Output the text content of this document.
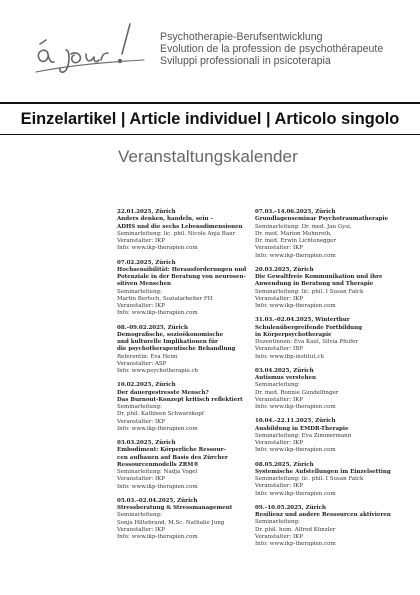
Psychotherapie-Berufsentwicklung
Evolution de la profession de psychothérapeute
Sviluppi professionali in psicoterapia
Einzelartikel | Article individuel | Articolo singolo
Veranstaltungskalender
22.01.2025, Zürich
Anders denken, handeln, sein –
ADHS und die sechs Lebensdimensionen
Seminarleitung: lic. phil. Nicole Anja Baur
Veranstalter: IKP
Info: www.ikp-therapien.com
07.02.2025, Zürich
Hochsensibilität: Herausforderungen und
Potenziale in der Beratung von neurosen-
sitiven Menschen
Seminarleitung:
Martin Bertsch, Sozialarbeiter FH
Veranstalter: IKP
Info: www.ikp-therapien.com
08.–09.02.2025, Zürich
Demografische, sozioökonomische
und kulturelle Implikationen für
die psychotherapeutische Behandlung
Referentin: Eva Heim
Veranstalter: ASP
Info: www.psychotherapie.ch
10.02.2025, Zürich
Der dauergestresste Mensch?
Das Burnout-Konzept kritisch reflektiert
Seminarleitung:
Dr. phil. Kathleen Schwarzkopf
Veranstalter: IKP
Info: www.ikp-therapien.com
03.03.2025, Zürich
Embodiment: Körperliche Ressour-
cen aufbauen auf Basis des Zürcher
Ressourcenmodells ZRM®
Seminarleitung: Nadja Vogel
Veranstalter: IKP
Info: www.ikp-therapien.com
05.03.–02.04.2025, Zürich
Stressberatung & Stressmanagement
Seminarleitung:
Sonja Hiltebrand, M.Sc. Nathalie Jung
Veranstalter: IKP
Info: www.ikp-therapien.com
07.03.–14.06.2025, Zürich
Grundlagenseminar Psychotraumatherapie
Seminarleitung: Dr. med. Jan Gysi,
Dr. med. Marion Mohnroth,
Dr. med. Erwin Lichtenegger
Veranstalter: IKP
Info: www.ikp-therapien.com
20.03.2025, Zürich
Die Gewaltfreie Kommunikation und ihre
Anwendung in Beratung und Therapie
Seminarleitung: lic. phil. I Susan Falck
Veranstalter: IKP
Info: www.ikp-therapien.com
31.03.–02.04.2025, Winterthur
Schulenübergreifende Fortbildung
in Körperpsychotherapie
Dozentinnen: Eva Kaul, Silvia Pfeifer
Veranstalter: IBP
Info: www.ibp-institut.ch
03.04.2025, Zürich
Autismus verstehen
Seminarleitung:
Dr. med. Ronnie Gundelfinger
Veranstalter: IKP
Info: www.ikp-therapien.com
10.04.–22.11.2025, Zürich
Ausbildung in EMDR-Therapie
Seminarleitung: Eva Zimmermann
Veranstalter: IKP
Info: www.ikp-therapien.com
08.05.2025, Zürich
Systemische Aufstellungen im Einzelsetting
Seminarleitung: lic. phil. I Susan Falck
Veranstalter: IKP
Info: www.ikp-therapien.com
09.–10.05.2025, Zürich
Resilienz und andere Ressourcen aktivieren
Seminarleitung:
Dr. phil. hum. Alfred Künzler
Veranstalter: IKP
Info: www.ikp-therapien.com
